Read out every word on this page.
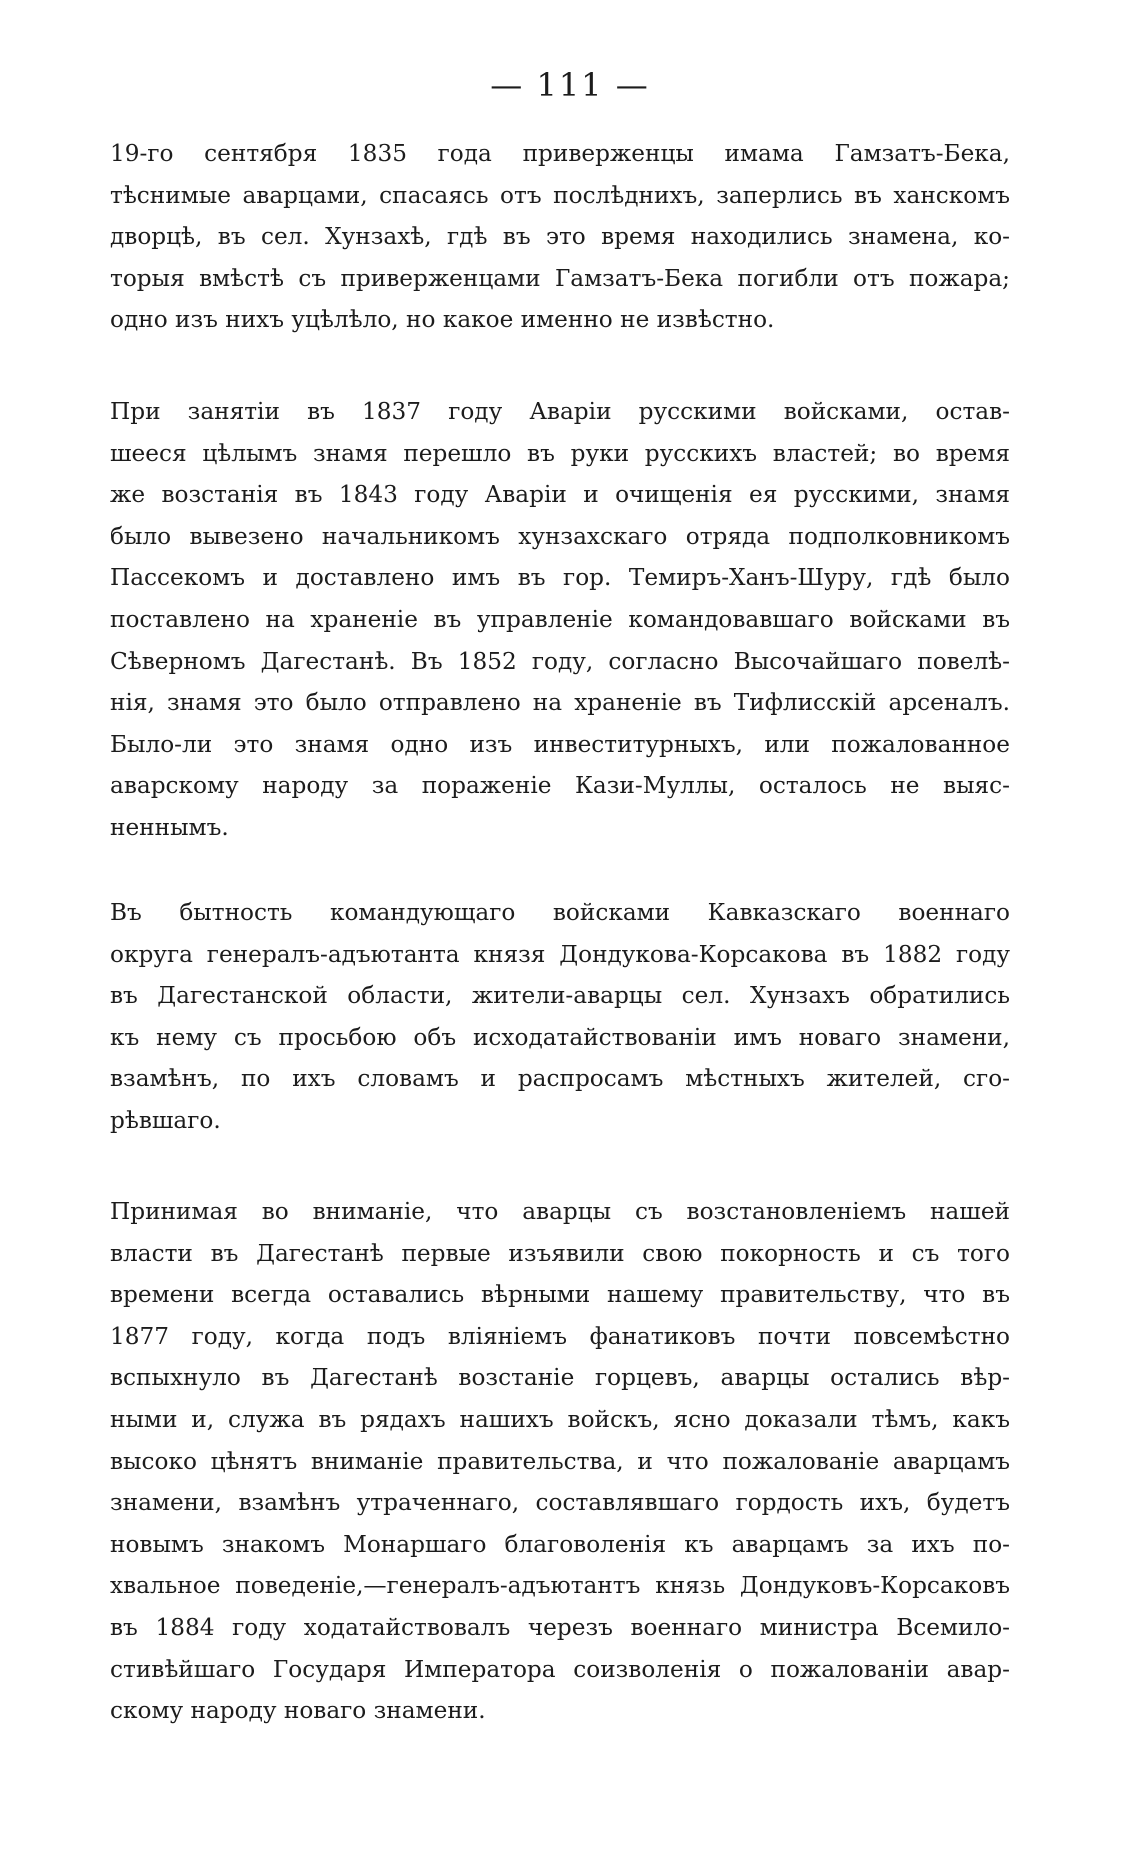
— 111 —
19-го сентября 1835 года приверженцы имама Гамзатъ-Бека,
тѣснимые аварцами, спасаясь отъ послѣднихъ, заперлись въ ханскомъ
дворцѣ, въ сел. Хунзахѣ, гдѣ въ это время находились знамена, ко-
торыя вмѣстѣ съ приверженцами Гамзатъ-Бека погибли отъ пожара;
одно изъ нихъ уцѣлѣло, но какое именно не извѣстно.
При занятіи въ 1837 году Аваріи русскими войсками, остав-
шееся цѣлымъ знамя перешло въ руки русскихъ властей; во время
же возстанія въ 1843 году Аваріи и очищенія ея русскими, знамя
было вывезено начальникомъ хунзахскаго отряда подполковникомъ
Пассекомъ и доставлено имъ въ гор. Темиръ-Ханъ-Шуру, гдѣ было
поставлено на храненіе въ управленіе командовавшаго войсками въ
Сѣверномъ Дагестанѣ. Въ 1852 году, согласно Высочайшаго повелѣ-
нія, знамя это было отправлено на храненіе въ Тифлисскій арсеналъ.
Было-ли это знамя одно изъ инвеститурныхъ, или пожалованное
аварскому народу за пораженіе Кази-Муллы, осталось не выяс-
неннымъ.
Въ бытность командующаго войсками Кавказскаго военнаго
округа генералъ-адъютанта князя Дондукова-Корсакова въ 1882 году
въ Дагестанской области, жители-аварцы сел. Хунзахъ обратились
къ нему съ просьбою объ исходатайствованіи имъ новаго знамени,
взамѣнъ, по ихъ словамъ и распросамъ мѣстныхъ жителей, сго-
рѣвшаго.
Принимая во вниманіе, что аварцы съ возстановленіемъ нашей
власти въ Дагестанѣ первые изъявили свою покорность и съ того
времени всегда оставались вѣрными нашему правительству, что въ
1877 году, когда подъ вліяніемъ фанатиковъ почти повсемѣстно
вспыхнуло въ Дагестанѣ возстаніе горцевъ, аварцы остались вѣр-
ными и, служа въ рядахъ нашихъ войскъ, ясно доказали тѣмъ, какъ
высоко цѣнятъ вниманіе правительства, и что пожалованіе аварцамъ
знамени, взамѣнъ утраченнаго, составлявшаго гордость ихъ, будетъ
новымъ знакомъ Монаршаго благоволенія къ аварцамъ за ихъ по-
хвальное поведеніе,—генералъ-адъютантъ князь Дондуковъ-Корсаковъ
въ 1884 году ходатайствовалъ черезъ военнаго министра Всемило-
стивѣйшаго Государя Императора соизволенія о пожалованіи авар-
скому народу новаго знамени.
